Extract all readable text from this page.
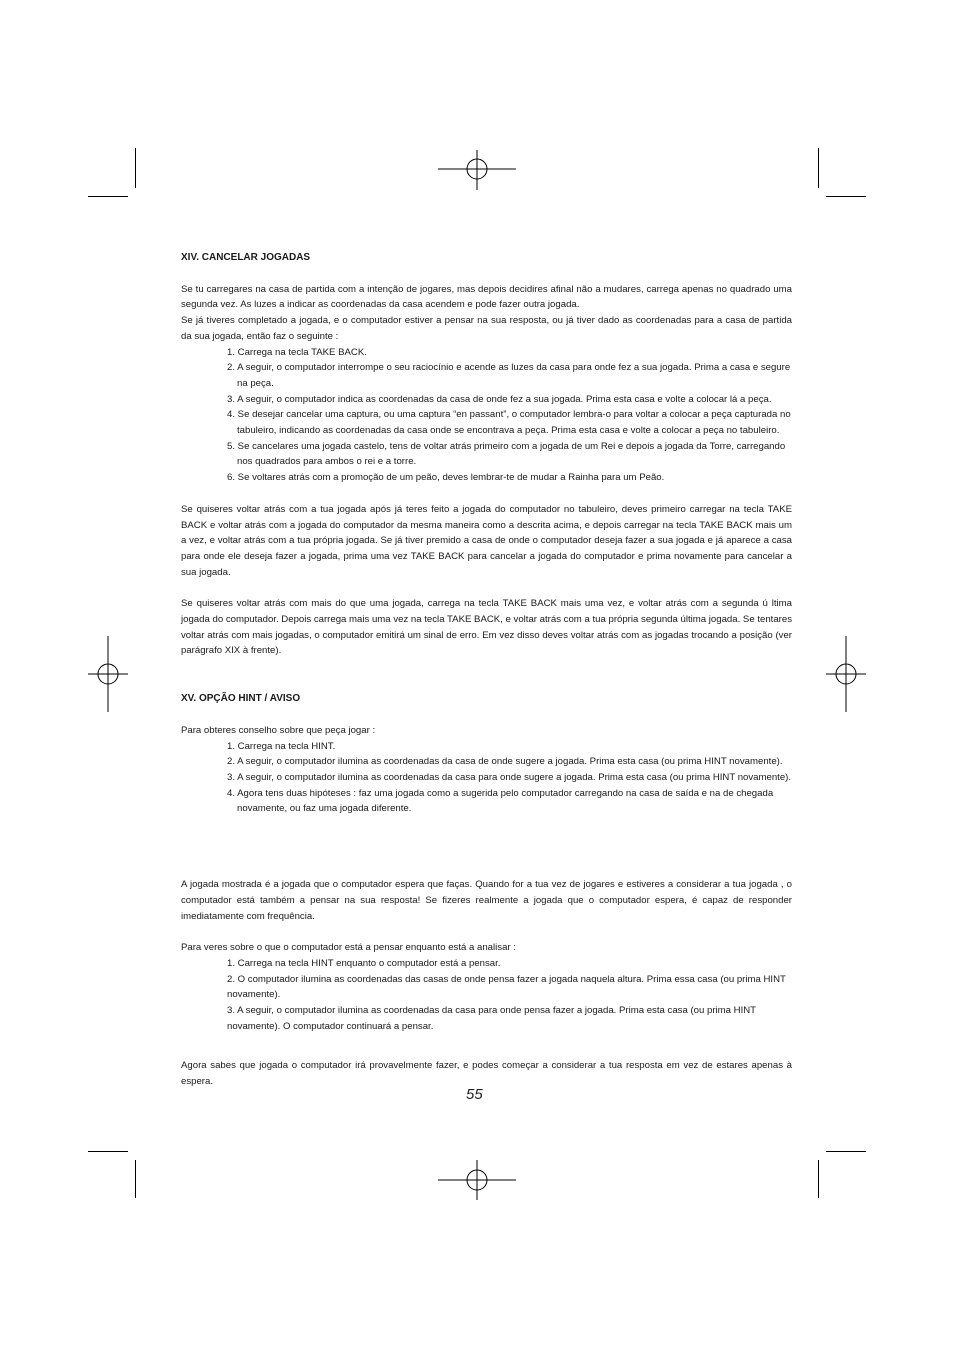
XIV. CANCELAR JOGADAS

Se tu carregares na casa de partida com a intenção de jogares, mas depois decidires afinal não a mudares, carrega apenas no quadrado uma segunda vez. As luzes a indicar as coordenadas da casa acendem e pode fazer outra jogada.

Se já tiveres completado a jogada, e o computador estiver a pensar na sua resposta, ou já tiver dado as coordenadas para a casa de partida da sua jogada, então faz o seguinte :

1. Carrega na tecla TAKE BACK.
2. A seguir, o computador interrompe o seu raciocínio e acende as luzes da casa para onde fez a sua jogada. Prima a casa e segure na peça.
3. A seguir, o computador indica as coordenadas da casa de onde fez a sua jogada. Prima esta casa e volte a colocar lá a peça.
4. Se desejar cancelar uma captura, ou uma captura “en passant”, o computador lembra-o para voltar a colocar a peça capturada no tabuleiro, indicando as coordenadas da casa onde se encontrava a peça. Prima esta casa e volte a colocar a peça no tabuleiro.
5. Se cancelares uma jogada castelo, tens de voltar atrás primeiro com a jogada de um Rei e depois a jogada da Torre, carregando nos quadrados para ambos o rei e a torre.
6. Se voltares atrás com a promoção de um peão, deves lembrar-te de mudar a Rainha para um Peão.

Se quiseres voltar atrás com a tua jogada após já teres feito a jogada do computador no tabuleiro, deves primeiro carregar na tecla TAKE BACK e voltar atrás com a jogada do computador da mesma maneira como a descrita acima, e depois carregar na tecla TAKE BACK mais um a vez, e voltar atrás com a tua própria jogada. Se já tiver premido a casa de onde o computador deseja fazer a sua jogada e já aparece a casa para onde ele deseja fazer a jogada, prima uma vez TAKE BACK para cancelar a jogada do computador e prima novamente para cancelar a sua jogada.

Se quiseres voltar atrás com mais do que uma jogada, carrega na tecla TAKE BACK mais uma vez, e voltar atrás com a segunda ú ltima jogada do computador. Depois carrega mais uma vez na tecla TAKE BACK, e voltar atrás com a tua própria segunda última jogada. Se tentares voltar atrás com mais jogadas, o computador emitirá um sinal de erro. Em vez disso deves voltar atrás com as jogadas trocando a posição (ver parágrafo XIX à frente).

XV. OPÇÃO HINT / AVISO

Para obteres conselho sobre que peça jogar :

1. Carrega na tecla HINT.
2. A seguir, o computador ilumina as coordenadas da casa de onde sugere a jogada. Prima esta casa (ou prima HINT novamente).
3. A seguir, o computador ilumina as coordenadas da casa para onde sugere a jogada. Prima esta casa (ou prima HINT novamente).
4. Agora tens duas hipóteses : faz uma jogada como a sugerida pelo computador carregando na casa de saída e na de chegada novamente, ou faz uma jogada diferente.

A jogada mostrada é a jogada que o computador espera que faças. Quando for a tua vez de jogares e estiveres a considerar a tua jogada , o computador está também a pensar na sua resposta! Se fizeres realmente a jogada que o computador espera, é capaz de responder imediatamente com frequência.

Para veres sobre o que o computador está a pensar enquanto está a analisar :

1. Carrega na tecla HINT enquanto o computador está a pensar.
2. O computador ilumina as coordenadas das casas de onde pensa fazer a jogada naquela altura. Prima essa casa (ou prima HINT novamente).
3. A seguir, o computador ilumina as coordenadas da casa para onde pensa fazer a jogada. Prima esta casa (ou prima HINT novamente). O computador continuará a pensar.

Agora sabes que jogada o computador irá provavelmente fazer, e podes começar a considerar a tua resposta em vez de estares apenas à espera.

55
